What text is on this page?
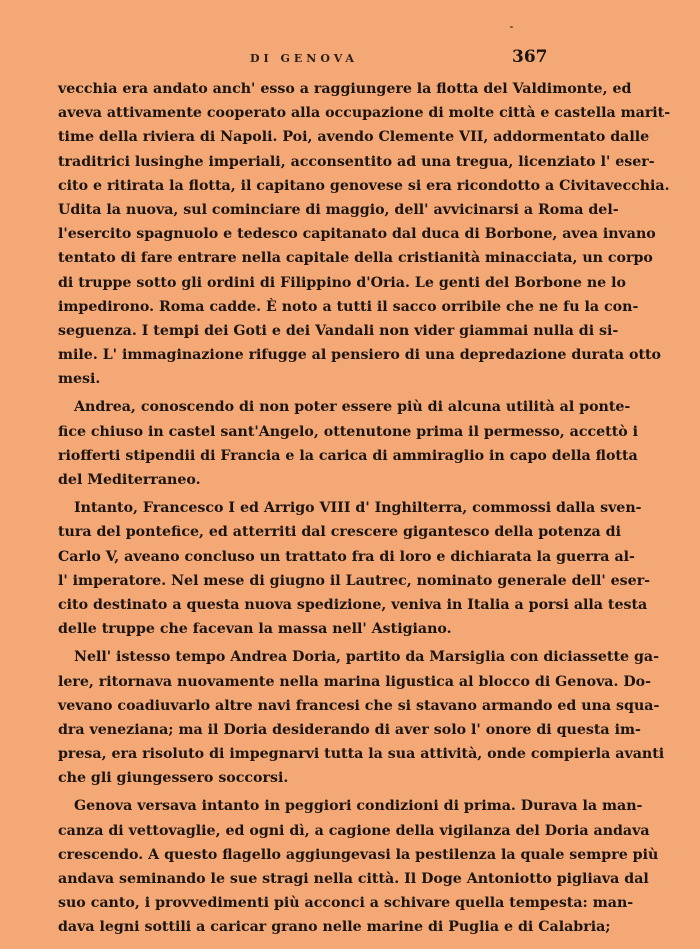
DI GENOVA	367
vecchia era andato anch' esso a raggiungere la flotta del Valdimonte, ed
aveva attivamente cooperato alla occupazione di molte città e castella marit-
time della riviera di Napoli. Poi, avendo Clemente VII, addormentato dalle
traditrici lusinghe imperiali, acconsentito ad una tregua, licenziato l' eser-
cito e ritirata la flotta, il capitano genovese si era ricondotto a Civitavecchia.
Udita la nuova, sul cominciare di maggio, dell' avvicinarsi a Roma del-
l'esercito spagnuolo e tedesco capitanato dal duca di Borbone, avea invano
tentato di fare entrare nella capitale della cristianità minacciata, un corpo
di truppe sotto gli ordini di Filippino d'Oria. Le genti del Borbone ne lo
impedirono. Roma cadde. È noto a tutti il sacco orribile che ne fu la con-
seguenza. I tempi dei Goti e dei Vandali non vider giammai nulla di si-
mile. L' immaginazione rifugge al pensiero di una depredazione durata otto
mesi.
Andrea, conoscendo di non poter essere più di alcuna utilità al ponte-
fice chiuso in castel sant'Angelo, ottenutone prima il permesso, accettò i
riofferti stipendii di Francia e la carica di ammiraglio in capo della flotta
del Mediterraneo.
Intanto, Francesco I ed Arrigo VIII d' Inghilterra, commossi dalla sven-
tura del pontefice, ed atterriti dal crescere gigantesco della potenza di
Carlo V, aveano concluso un trattato fra di loro e dichiarata la guerra al-
l' imperatore. Nel mese di giugno il Lautrec, nominato generale dell' eser-
cito destinato a questa nuova spedizione, veniva in Italia a porsi alla testa
delle truppe che facevan la massa nell' Astigiano.
Nell' istesso tempo Andrea Doria, partito da Marsiglia con diciassette ga-
lere, ritornava nuovamente nella marina ligustica al blocco di Genova. Do-
vevano coadiuvarlo altre navi francesi che si stavano armando ed una squa-
dra veneziana; ma il Doria desiderando di aver solo l' onore di questa im-
presa, era risoluto di impegnarvi tutta la sua attività, onde compierla avanti
che gli giungessero soccorsi.
Genova versava intanto in peggiori condizioni di prima. Durava la man-
canza di vettovaglie, ed ogni dì, a cagione della vigilanza del Doria andava
crescendo. A questo flagello aggiungevasi la pestilenza la quale sempre più
andava seminando le sue stragi nella città. Il Doge Antoniotto pigliava dal
suo canto, i provvedimenti più acconci a schivare quella tempesta: man-
dava legni sottili a caricar grano nelle marine di Puglia e di Calabria;
